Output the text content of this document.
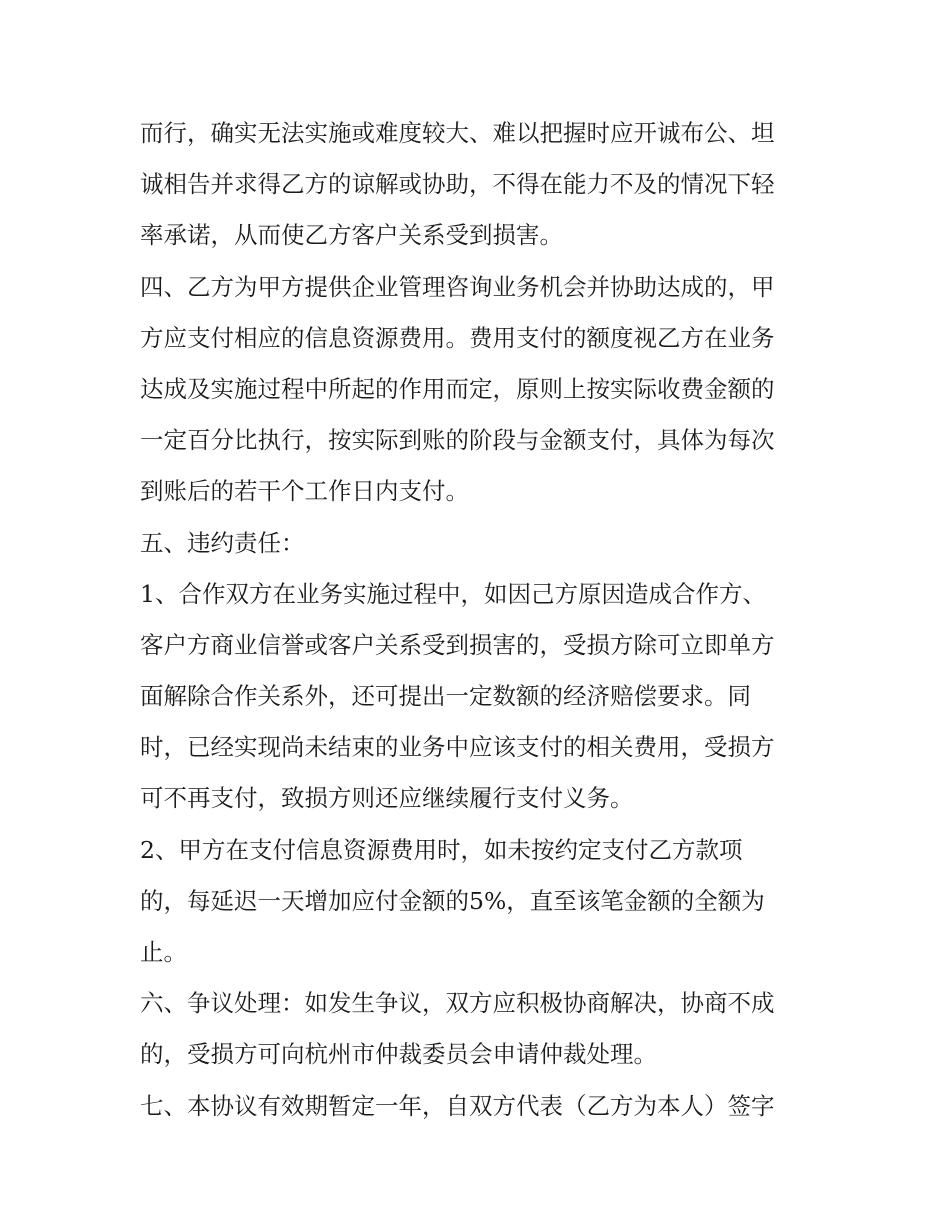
而行，确实无法实施或难度较大、难以把握时应开诚布公、坦
诚相告并求得乙方的谅解或协助，不得在能力不及的情况下轻
率承诺，从而使乙方客户关系受到损害。
四、乙方为甲方提供企业管理咨询业务机会并协助达成的，甲
方应支付相应的信息资源费用。费用支付的额度视乙方在业务
达成及实施过程中所起的作用而定，原则上按实际收费金额的
一定百分比执行，按实际到账的阶段与金额支付，具体为每次
到账后的若干个工作日内支付。
五、违约责任：
1、合作双方在业务实施过程中，如因己方原因造成合作方、
客户方商业信誉或客户关系受到损害的，受损方除可立即单方
面解除合作关系外，还可提出一定数额的经济赔偿要求。同
时，已经实现尚未结束的业务中应该支付的相关费用，受损方
可不再支付，致损方则还应继续履行支付义务。
2、甲方在支付信息资源费用时，如未按约定支付乙方款项
的，每延迟一天增加应付金额的5%，直至该笔金额的全额为
止。
六、争议处理：如发生争议，双方应积极协商解决，协商不成
的，受损方可向杭州市仲裁委员会申请仲裁处理。
七、本协议有效期暂定一年，自双方代表（乙方为本人）签字
